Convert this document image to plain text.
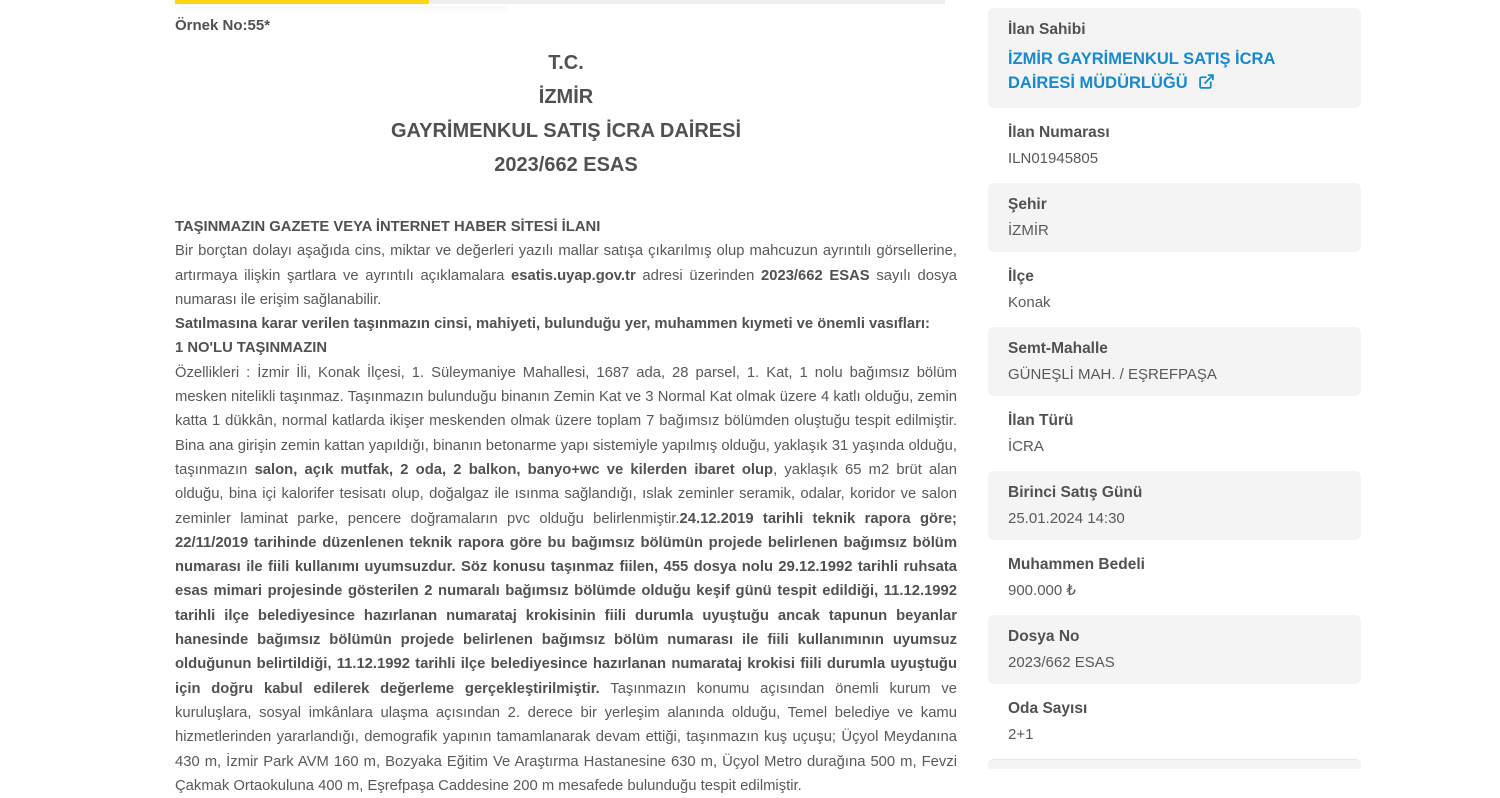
Örnek No:55*
T.C.
İZMİR
GAYRİMENKUL SATIŞ İCRA DAİRESİ
2023/662 ESAS

TAŞINMAZIN GAZETE VEYA İNTERNET HABER SİTESİ İLANI

Bir borçtan dolayı aşağıda cins, miktar ve değerleri yazılı mallar satışa çıkarılmış olup mahcuzun ayrıntılı görsellerine, artırmaya ilişkin şartlara ve ayrıntılı açıklamalara esatis.uyap.gov.tr adresi üzerinden 2023/662 ESAS sayılı dosya numarası ile erişim sağlanabilir.

Satılmasına karar verilen taşınmazın cinsi, mahiyeti, bulunduğu yer, muhammen kıymeti ve önemli vasıfları:

1 NO'LU TAŞINMAZIN

Özellikleri : İzmir İli, Konak İlçesi, 1. Süleymaniye Mahallesi, 1687 ada, 28 parsel, 1. Kat, 1 nolu bağımsız bölüm mesken nitelikli taşınmaz. Taşınmazın bulunduğu binanın Zemin Kat ve 3 Normal Kat olmak üzere 4 katlı olduğu, zemin katta 1 dükkân, normal katlarda ikişer meskenden olmak üzere toplam 7 bağımsız bölümden oluştuğu tespit edilmiştir. Bina ana girişin zemin kattan yapıldığı, binanın betonarme yapı sistemiyle yapılmış olduğu, yaklaşık 31 yaşında olduğu, taşınmazın salon, açık mutfak, 2 oda, 2 balkon, banyo+wc ve kilerden ibaret olup, yaklaşık 65 m2 brüt alan olduğu, bina içi kalorifer tesisatı olup, doğalgaz ile ısınma sağlandığı, ıslak zeminler seramik, odalar, koridor ve salon zeminler laminat parke, pencere doğramaların pvc olduğu belirlenmiştir.24.12.2019 tarihli teknik rapora göre; 22/11/2019 tarihinde düzenlenen teknik rapora göre bu bağımsız bölümün projede belirlenen bağımsız bölüm numarası ile fiili kullanımı uyumsuzdur. Söz konusu taşınmaz fiilen, 455 dosya nolu 29.12.1992 tarihli ruhsata esas mimari projesinde gösterilen 2 numaralı bağımsız bölümde olduğu keşif günü tespit edildiği, 11.12.1992 tarihli ilçe belediyesince hazırlanan numarataj krokisinin fiili durumla uyuştuğu ancak tapunun beyanlar hanesinde bağımsız bölümün projede belirlenen bağımsız bölüm numarası ile fiili kullanımının uyumsuz olduğunun belirtildiği, 11.12.1992 tarihli ilçe belediyesince hazırlanan numarataj krokisi fiili durumla uyuştuğu için doğru kabul edilerek değerleme gerçekleştirilmiştir. Taşınmazın konumu açısından önemli kurum ve kuruluşlara, sosyal imkânlara ulaşma açısından 2. derece bir yerleşim alanında olduğu, Temel belediye ve kamu hizmetlerinden yararlandığı, demografik yapının tamamlanarak devam ettiği, taşınmazın kuş uçuşu; Üçyol Meydanına 430 m, İzmir Park AVM 160 m, Bozyaka Eğitim Ve Araştırma Hastanesine 630 m, Üçyol Metro durağına 500 m, Fevzi Çakmak Ortaokuluna 400 m, Eşrefpaşa Caddesine 200 m mesafede bulunduğu tespit edilmiştir.

İlan Sahibi
İZMİR GAYRİMENKUL SATIŞ İCRA DAİRESİ MÜDÜRLÜĞÜ
İlan Numarası
ILN01945805
Şehir
İZMİR
İlçe
Konak
Semt-Mahalle
GÜNEŞLİ MAH. / EŞREFPAŞA
İlan Türü
İCRA
Birinci Satış Günü
25.01.2024 14:30
Muhammen Bedeli
900.000 ₺
Dosya No
2023/662 ESAS
Oda Sayısı
2+1
